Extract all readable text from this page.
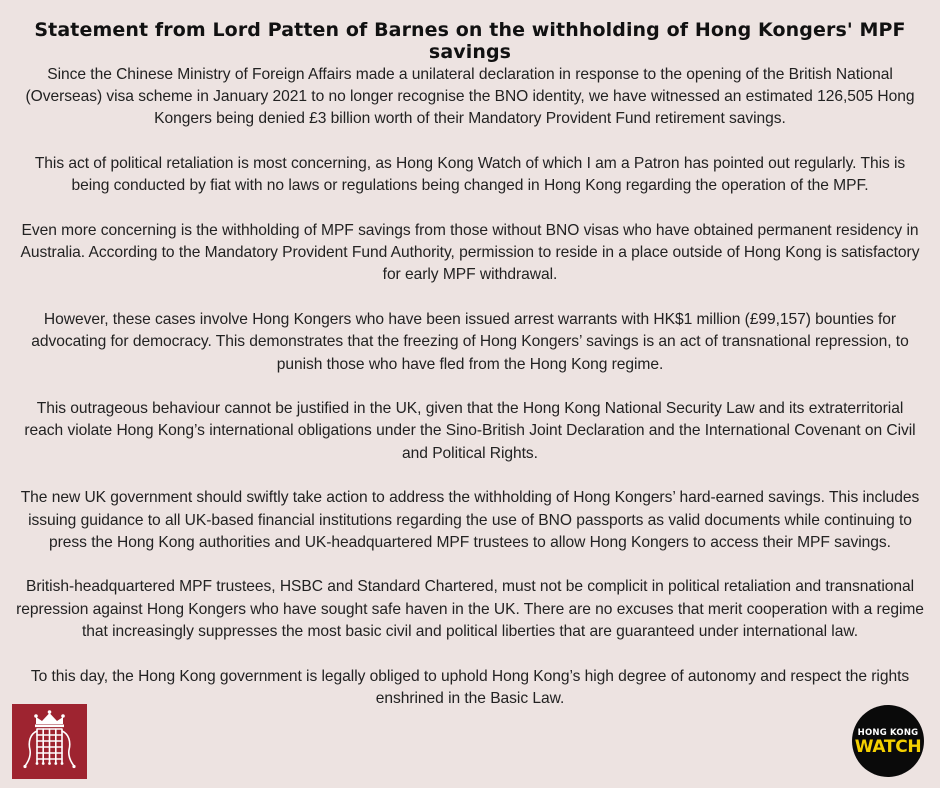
Statement from Lord Patten of Barnes on the withholding of Hong Kongers' MPF savings

Since the Chinese Ministry of Foreign Affairs made a unilateral declaration in response to the opening of the British National
(Overseas) visa scheme in January 2021 to no longer recognise the BNO identity, we have witnessed an estimated 126,505 Hong
Kongers being denied £3 billion worth of their Mandatory Provident Fund retirement savings.

This act of political retaliation is most concerning, as Hong Kong Watch of which I am a Patron has pointed out regularly. This is
being conducted by fiat with no laws or regulations being changed in Hong Kong regarding the operation of the MPF.

Even more concerning is the withholding of MPF savings from those without BNO visas who have obtained permanent residency in
Australia. According to the Mandatory Provident Fund Authority, permission to reside in a place outside of Hong Kong is satisfactory
for early MPF withdrawal.

However, these cases involve Hong Kongers who have been issued arrest warrants with HK$1 million (£99,157) bounties for
advocating for democracy. This demonstrates that the freezing of Hong Kongers’ savings is an act of transnational repression, to
punish those who have fled from the Hong Kong regime.

This outrageous behaviour cannot be justified in the UK, given that the Hong Kong National Security Law and its extraterritorial
reach violate Hong Kong’s international obligations under the Sino-British Joint Declaration and the International Covenant on Civil
and Political Rights.

The new UK government should swiftly take action to address the withholding of Hong Kongers’ hard-earned savings. This includes
issuing guidance to all UK-based financial institutions regarding the use of BNO passports as valid documents while continuing to
press the Hong Kong authorities and UK-headquartered MPF trustees to allow Hong Kongers to access their MPF savings.

British-headquartered MPF trustees, HSBC and Standard Chartered, must not be complicit in political retaliation and transnational
repression against Hong Kongers who have sought safe haven in the UK. There are no excuses that merit cooperation with a regime
that increasingly suppresses the most basic civil and political liberties that are guaranteed under international law.

To this day, the Hong Kong government is legally obliged to uphold Hong Kong’s high degree of autonomy and respect the rights
enshrined in the Basic Law.

HONG KONG
WATCH
